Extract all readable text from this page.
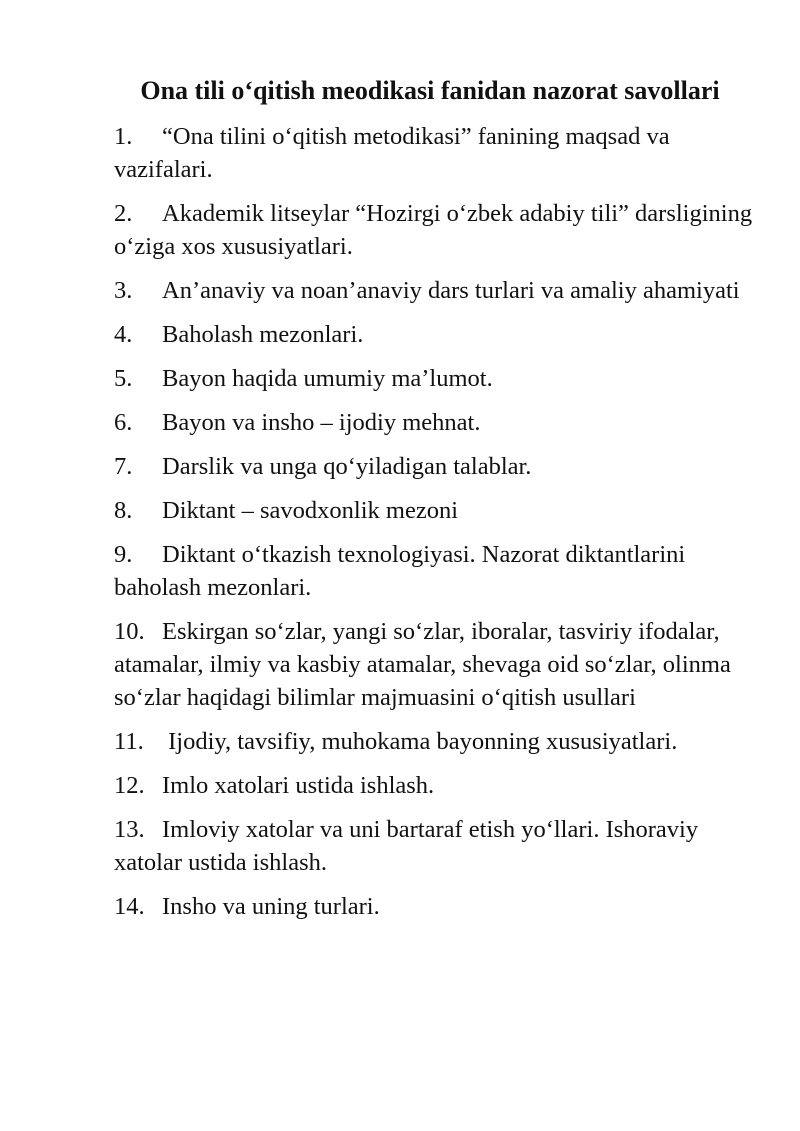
Ona tili o‘qitish meodikasi fanidan nazorat savollari
1. “Ona tilini o‘qitish metodikasi” fanining maqsad va vazifalari.
2. Akademik litseylar “Hozirgi o‘zbek adabiy tili” darsligining o‘ziga xos xususiyatlari.
3. An’anaviy va noan’anaviy dars turlari va amaliy ahamiyati
4. Baholash mezonlari.
5. Bayon haqida umumiy ma’lumot.
6. Bayon va insho – ijodiy mehnat.
7. Darslik va unga qo‘yiladigan talablar.
8. Diktant – savodxonlik mezoni
9. Diktant o‘tkazish texnologiyasi. Nazorat diktantlarini baholash mezonlari.
10. Eskirgan so‘zlar, yangi so‘zlar, iboralar, tasviriy ifodalar, atamalar, ilmiy va kasbiy atamalar, shevaga oid so‘zlar, olinma so‘zlar haqidagi bilimlar majmuasini o‘qitish usullari
11. Ijodiy, tavsifiy, muhokama bayonning xususiyatlari.
12. Imlo xatolari ustida ishlash.
13. Imloviy xatolar va uni bartaraf etish yo‘llari. Ishoraviy xatolar ustida ishlash.
14. Insho va uning turlari.
